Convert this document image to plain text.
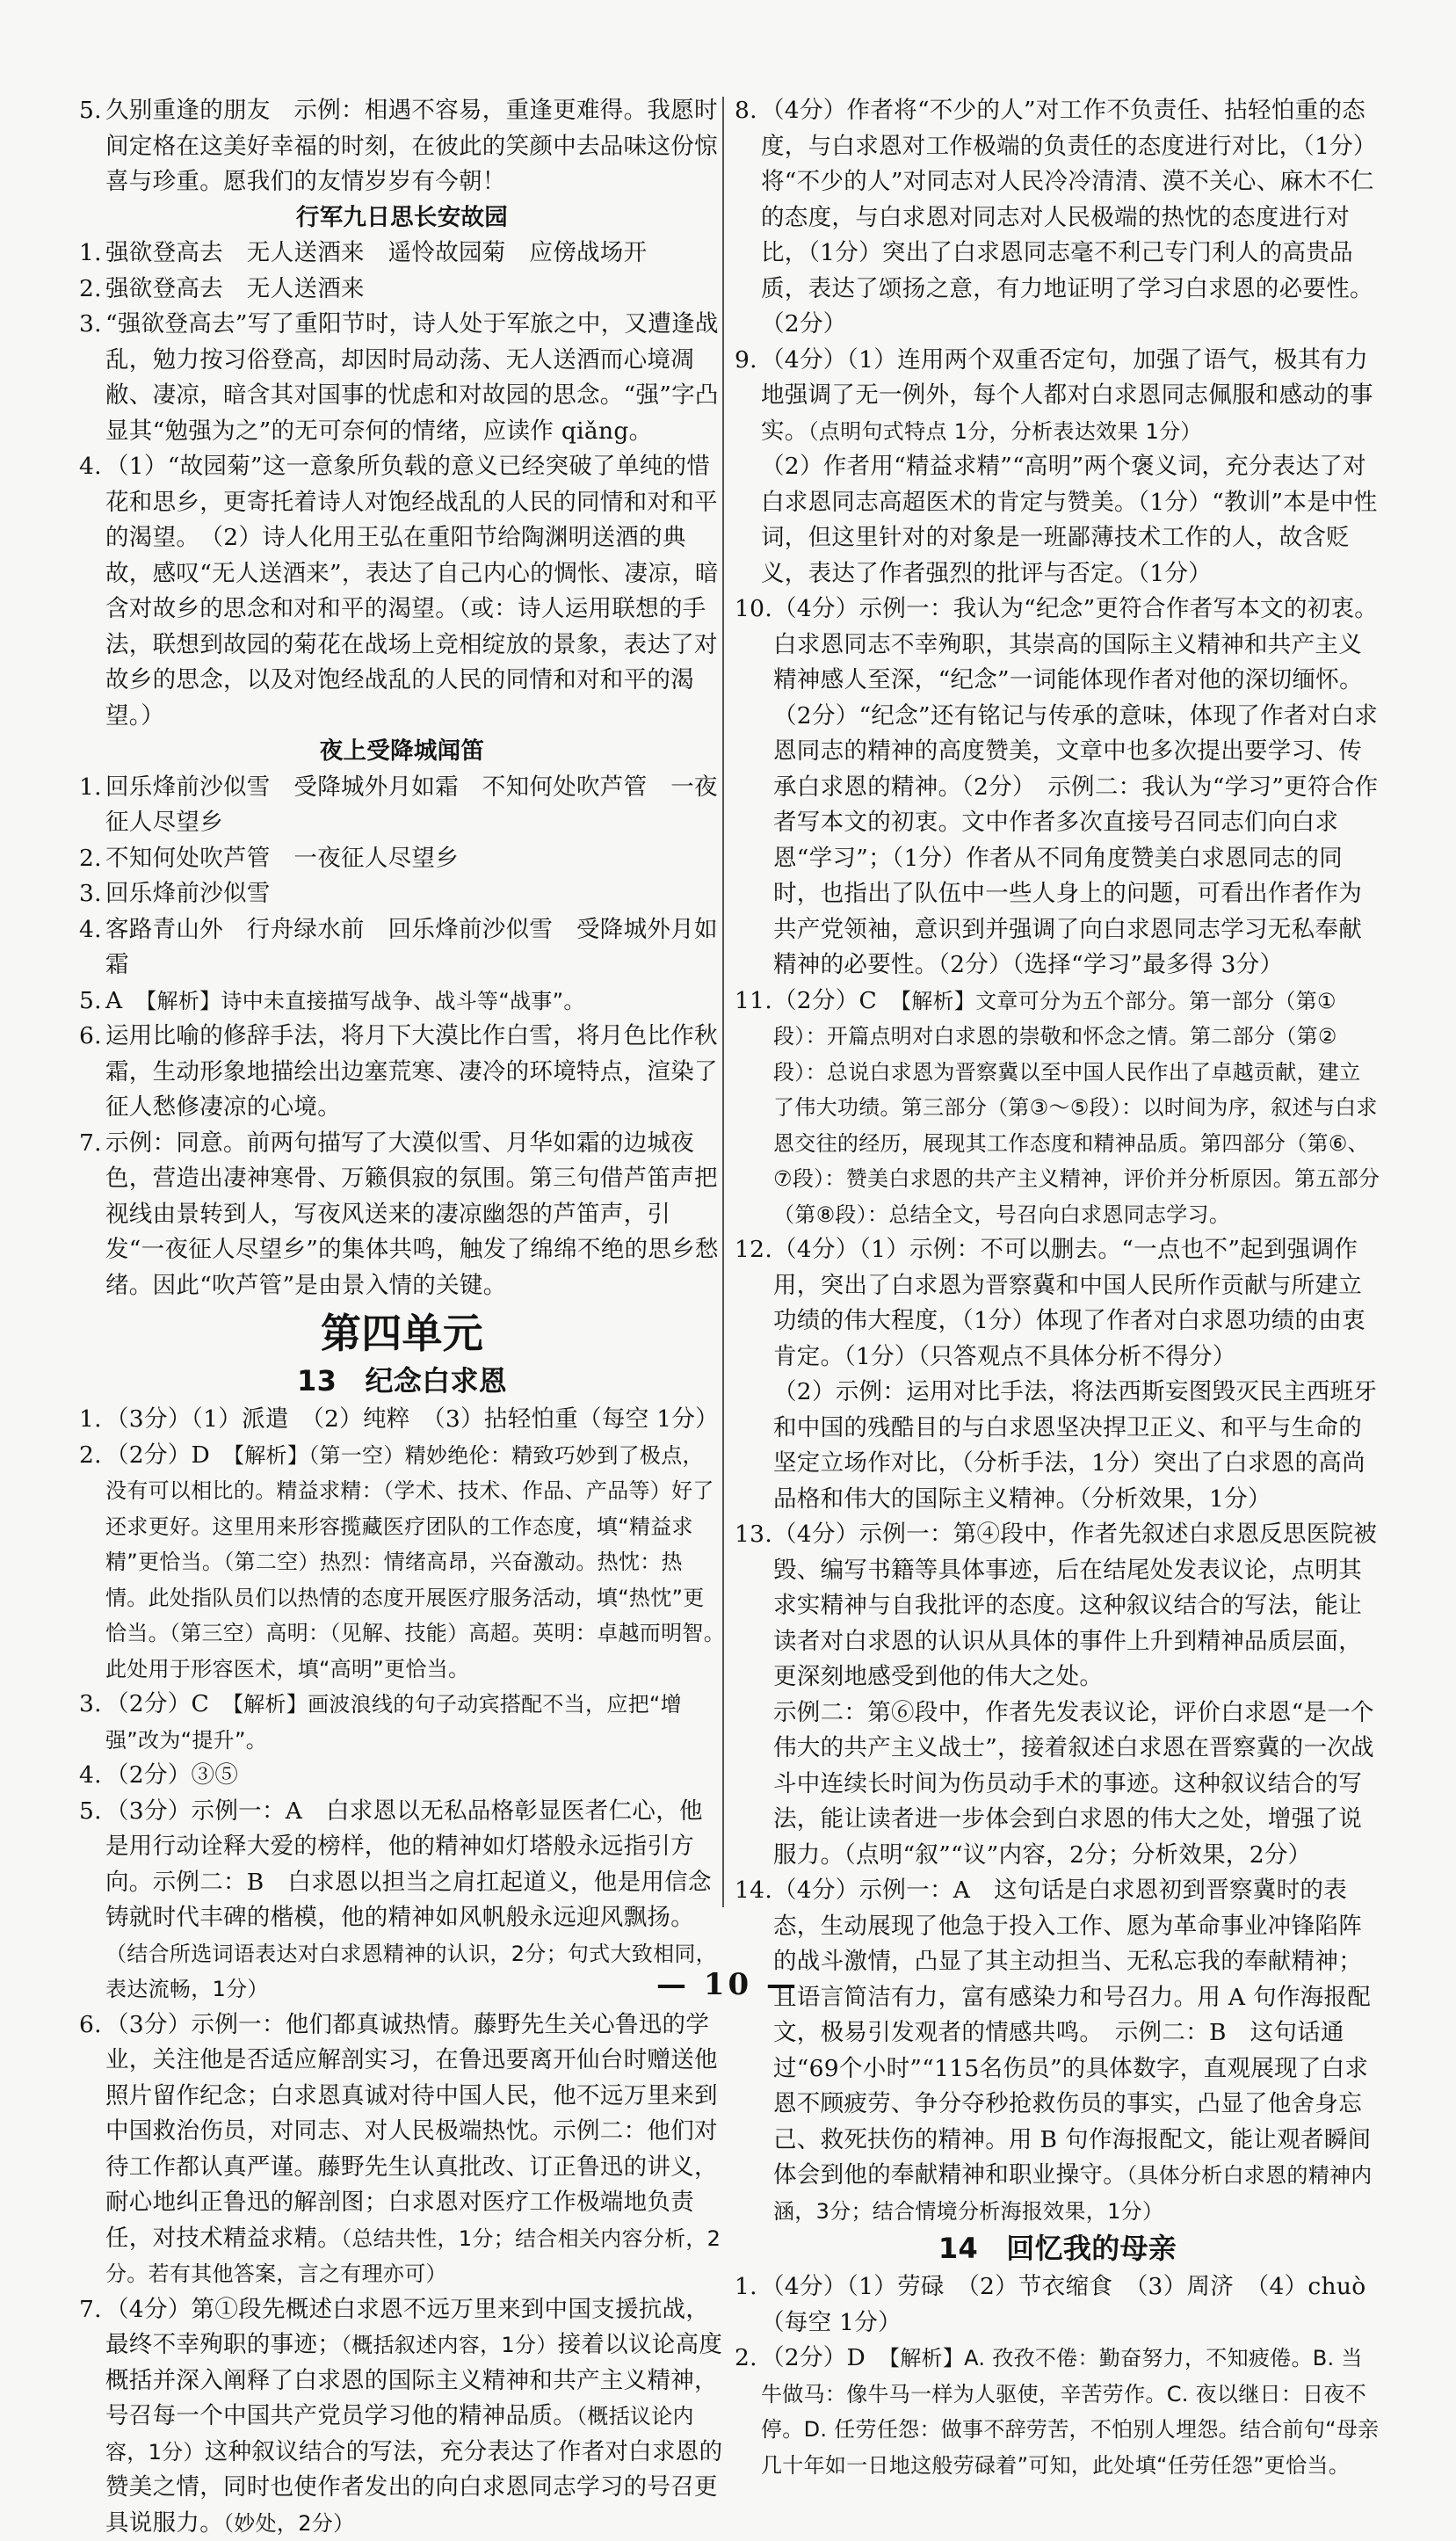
5. 久别重逢的朋友　示例：相遇不容易，重逢更难得。我愿时间定格在这美好幸福的时刻，在彼此的笑颜中去品味这份惊喜与珍重。愿我们的友情岁岁有今朝！

行军九日思长安故园

1. 强欲登高去　无人送酒来　遥怜故园菊　应傍战场开

2. 强欲登高去　无人送酒来

3. “强欲登高去”写了重阳节时，诗人处于军旅之中，又遭逢战乱，勉力按习俗登高，却因时局动荡、无人送酒而心境凋敝、凄凉，暗含其对国事的忧虑和对故园的思念。“强”字凸显其“勉强为之”的无可奈何的情绪，应读作 qiǎng。

4. （1）“故园菊”这一意象所负载的意义已经突破了单纯的惜花和思乡，更寄托着诗人对饱经战乱的人民的同情和对和平的渴望。　（2）诗人化用王弘在重阳节给陶渊明送酒的典故，感叹“无人送酒来”，表达了自己内心的惆怅、凄凉，暗含对故乡的思念和对和平的渴望。（或：诗人运用联想的手法，联想到故园的菊花在战场上竞相绽放的景象，表达了对故乡的思念，以及对饱经战乱的人民的同情和对和平的渴望。）

夜上受降城闻笛

1. 回乐烽前沙似雪　受降城外月如霜　不知何处吹芦管　一夜征人尽望乡

2. 不知何处吹芦管　一夜征人尽望乡

3. 回乐烽前沙似雪

4. 客路青山外　行舟绿水前　回乐烽前沙似雪　受降城外月如霜

5. A　【解析】诗中未直接描写战争、战斗等“战事”。

6. 运用比喻的修辞手法，将月下大漠比作白雪，将月色比作秋霜，生动形象地描绘出边塞荒寒、凄冷的环境特点，渲染了征人愁修凄凉的心境。

7. 示例：同意。前两句描写了大漠似雪、月华如霜的边城夜色，营造出凄神寒骨、万籁俱寂的氛围。第三句借芦笛声把视线由景转到人，写夜风送来的凄凉幽怨的芦笛声，引发“一夜征人尽望乡”的集体共鸣，触发了绵绵不绝的思乡愁绪。因此“吹芦管”是由景入情的关键。

第四单元

13　纪念白求恩

1. （3分）（1）派遣　（2）纯粹　（3）拈轻怕重（每空 1分）

2. （2分）D　【解析】（第一空）精妙绝伦：精致巧妙到了极点，没有可以相比的。精益求精：（学术、技术、作品、产品等）好了还求更好。这里用来形容揽藏医疗团队的工作态度，填“精益求精”更恰当。（第二空）热烈：情绪高昂，兴奋激动。热忱：热情。此处指队员们以热情的态度开展医疗服务活动，填“热忱”更恰当。（第三空）高明：（见解、技能）高超。英明：卓越而明智。此处用于形容医术，填“高明”更恰当。

3. （2分）C　【解析】画波浪线的句子动宾搭配不当，应把“增强”改为“提升”。

4. （2分）③⑤

5. （3分）示例一：A　白求恩以无私品格彰显医者仁心，他是用行动诠释大爱的榜样，他的精神如灯塔般永远指引方向。示例二：B　白求恩以担当之肩扛起道义，他是用信念铸就时代丰碑的楷模，他的精神如风帆般永远迎风飘扬。（结合所选词语表达对白求恩精神的认识，2分；句式大致相同，表达流畅，1分）

6. （3分）示例一：他们都真诚热情。藤野先生关心鲁迅的学业，关注他是否适应解剖实习，在鲁迅要离开仙台时赠送他照片留作纪念；白求恩真诚对待中国人民，他不远万里来到中国救治伤员，对同志、对人民极端热忱。示例二：他们对待工作都认真严谨。藤野先生认真批改、订正鲁迅的讲义，耐心地纠正鲁迅的解剖图；白求恩对医疗工作极端地负责任，对技术精益求精。（总结共性，1分；结合相关内容分析，2分。若有其他答案，言之有理亦可）

7. （4分）第①段先概述白求恩不远万里来到中国支援抗战，最终不幸殉职的事迹；（概括叙述内容，1分）接着以议论高度概括并深入阐释了白求恩的国际主义精神和共产主义精神，号召每一个中国共产党员学习他的精神品质。（概括议论内容，1分）这种叙议结合的写法，充分表达了作者对白求恩的赞美之情，同时也使作者发出的向白求恩同志学习的号召更具说服力。（妙处，2分）

8. （4分）作者将“不少的人”对工作不负责任、拈轻怕重的态度，与白求恩对工作极端的负责任的态度进行对比，（1分）将“不少的人”对同志对人民冷冷清清、漠不关心、麻木不仁的态度，与白求恩对同志对人民极端的热忱的态度进行对比，（1分）突出了白求恩同志毫不利己专门利人的高贵品质，表达了颂扬之意，有力地证明了学习白求恩的必要性。（2分）

9. （4分）（1）连用两个双重否定句，加强了语气，极其有力地强调了无一例外，每个人都对白求恩同志佩服和感动的事实。（点明句式特点 1分，分析表达效果 1分）
（2）作者用“精益求精”“高明”两个褒义词，充分表达了对白求恩同志高超医术的肯定与赞美。（1分）“教训”本是中性词，但这里针对的对象是一班鄙薄技术工作的人，故含贬义，表达了作者强烈的批评与否定。（1分）

10. （4分）示例一：我认为“纪念”更符合作者写本文的初衷。白求恩同志不幸殉职，其崇高的国际主义精神和共产主义精神感人至深，“纪念”一词能体现作者对他的深切缅怀。（2分）“纪念”还有铭记与传承的意味，体现了作者对白求恩同志的精神的高度赞美，文章中也多次提出要学习、传承白求恩的精神。（2分）　示例二：我认为“学习”更符合作者写本文的初衷。文中作者多次直接号召同志们向白求恩“学习”；（1分）作者从不同角度赞美白求恩同志的同时，也指出了队伍中一些人身上的问题，可看出作者作为共产党领袖，意识到并强调了向白求恩同志学习无私奉献精神的必要性。（2分）（选择“学习”最多得 3分）

11. （2分）C　【解析】文章可分为五个部分。第一部分（第①段）：开篇点明对白求恩的崇敬和怀念之情。第二部分（第②段）：总说白求恩为晋察冀以至中国人民作出了卓越贡献，建立了伟大功绩。第三部分（第③～⑤段）：以时间为序，叙述与白求恩交往的经历，展现其工作态度和精神品质。第四部分（第⑥、⑦段）：赞美白求恩的共产主义精神，评价并分析原因。第五部分（第⑧段）：总结全文，号召向白求恩同志学习。

12. （4分）（1）示例：不可以删去。“一点也不”起到强调作用，突出了白求恩为晋察冀和中国人民所作贡献与所建立功绩的伟大程度，（1分）体现了作者对白求恩功绩的由衷肯定。（1分）（只答观点不具体分析不得分）
（2）示例：运用对比手法，将法西斯妄图毁灭民主西班牙和中国的残酷目的与白求恩坚决捍卫正义、和平与生命的坚定立场作对比，（分析手法，1分）突出了白求恩的高尚品格和伟大的国际主义精神。（分析效果，1分）

13. （4分）示例一：第④段中，作者先叙述白求恩反思医院被毁、编写书籍等具体事迹，后在结尾处发表议论，点明其求实精神与自我批评的态度。这种叙议结合的写法，能让读者对白求恩的认识从具体的事件上升到精神品质层面，更深刻地感受到他的伟大之处。
示例二：第⑥段中，作者先发表议论，评价白求恩“是一个伟大的共产主义战士”，接着叙述白求恩在晋察冀的一次战斗中连续长时间为伤员动手术的事迹。这种叙议结合的写法，能让读者进一步体会到白求恩的伟大之处，增强了说服力。（点明“叙”“议”内容，2分；分析效果，2分）

14. （4分）示例一：A　这句话是白求恩初到晋察冀时的表态，生动展现了他急于投入工作、愿为革命事业冲锋陷阵的战斗激情，凸显了其主动担当、无私忘我的奉献精神；且语言简洁有力，富有感染力和号召力。用 A 句作海报配文，极易引发观者的情感共鸣。　示例二：B　这句话通过“69个小时”“115名伤员”的具体数字，直观展现了白求恩不顾疲劳、争分夺秒抢救伤员的事实，凸显了他舍身忘己、救死扶伤的精神。用 B 句作海报配文，能让观者瞬间体会到他的奉献精神和职业操守。（具体分析白求恩的精神内涵，3分；结合情境分析海报效果，1分）

14　回忆我的母亲

1. （4分）（1）劳碌　（2）节衣缩食　（3）周济　（4）chuò（每空 1分）

2. （2分）D　【解析】A. 孜孜不倦：勤奋努力，不知疲倦。B. 当牛做马：像牛马一样为人驱使，辛苦劳作。C. 夜以继日：日夜不停。D. 任劳任怨：做事不辞劳苦，不怕别人埋怨。结合前句“母亲几十年如一日地这般劳碌着”可知，此处填“任劳任怨”更恰当。

— 10 —
